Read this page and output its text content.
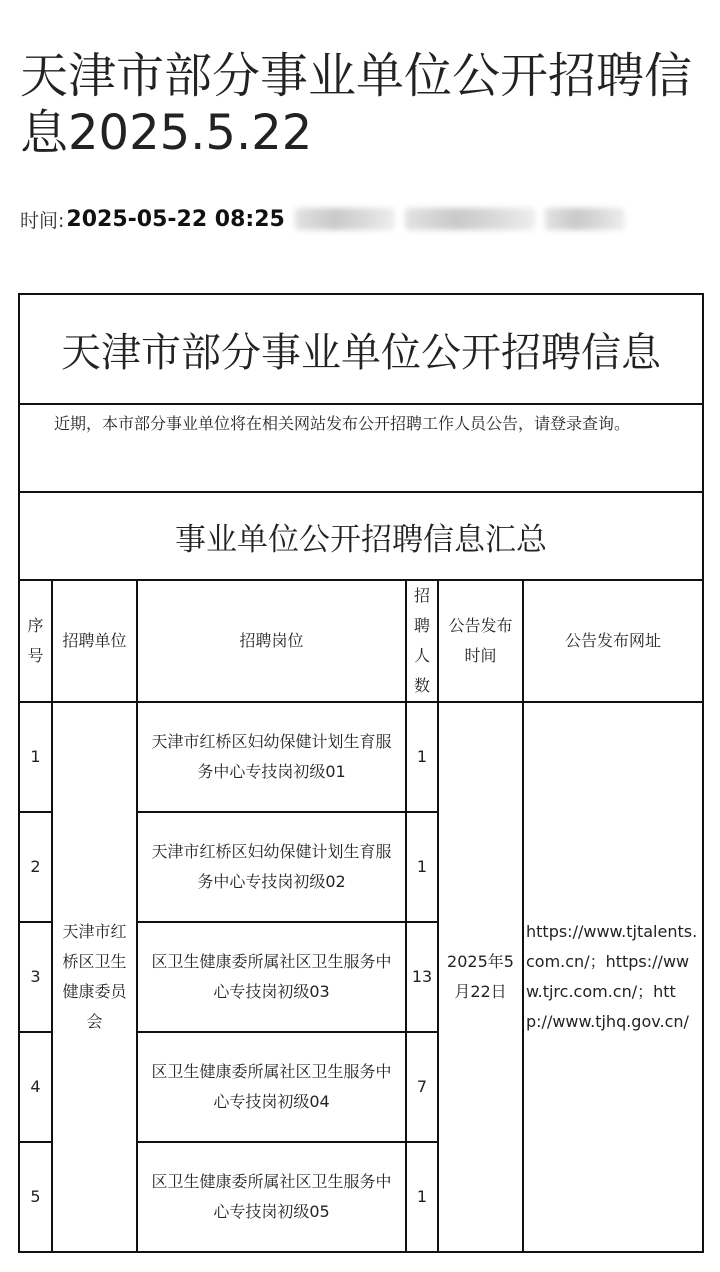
天津市部分事业单位公开招聘信息2025.5.22
时间: 2025-05-22 08:25
天津市部分事业单位公开招聘信息					
　　近期，本市部分事业单位将在相关网站发布公开招聘工作人员公告，请登录查询。					
事业单位公开招聘信息汇总					
序号	招聘单位	招聘岗位	招聘人数	公告发布时间	公告发布网址
1	天津市红桥区卫生健康委员会	天津市红桥区妇幼保健计划生育服务中心专技岗初级01	1	2025年5月22日	https://www.tjtalents.com.cn/；https://www.tjrc.com.cn/；http://www.tjhq.gov.cn/
2		天津市红桥区妇幼保健计划生育服务中心专技岗初级02	1		
3		区卫生健康委所属社区卫生服务中心专技岗初级03	13		
4		区卫生健康委所属社区卫生服务中心专技岗初级04	7		
5		区卫生健康委所属社区卫生服务中心专技岗初级05	1		
